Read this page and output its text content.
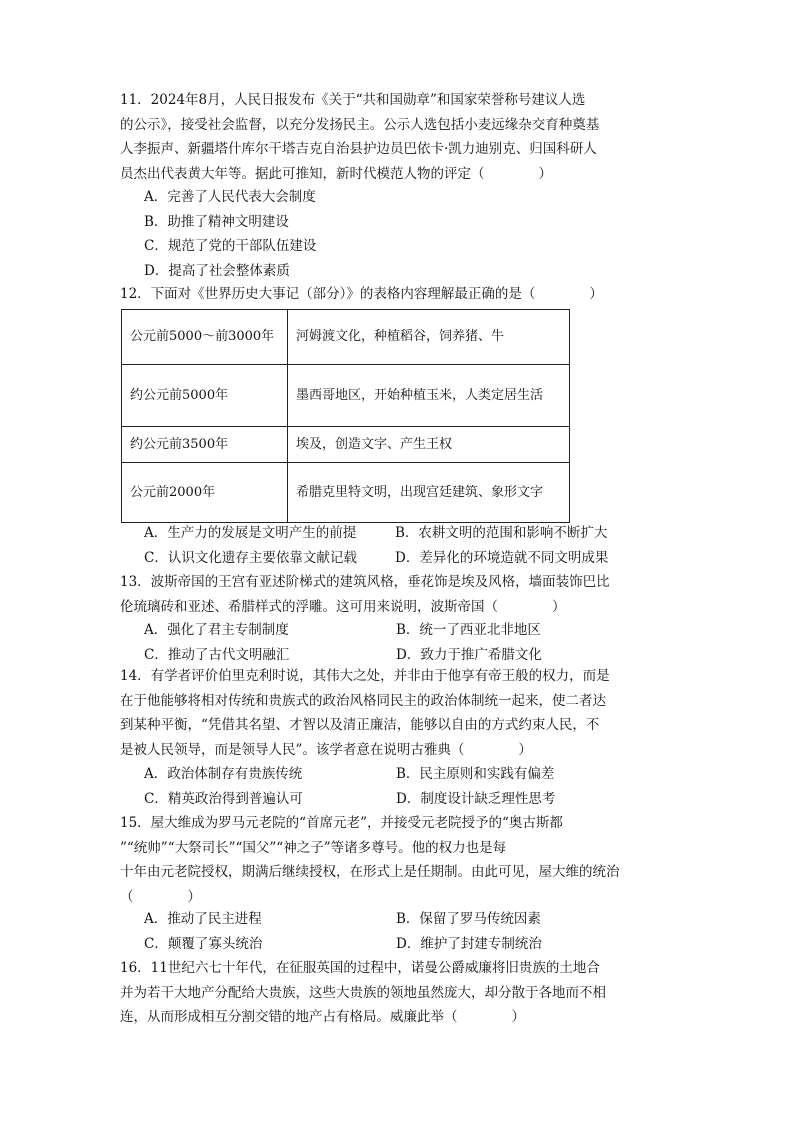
11．2024年8月，人民日报发布《关于“共和国勋章”和国家荣誉称号建议人选
的公示》，接受社会监督，以充分发扬民主。公示人选包括小麦远缘杂交育种奠基
人李振声、新疆塔什库尔干塔吉克自治县护边员巴依卡·凯力迪别克、归国科研人
员杰出代表黄大年等。据此可推知，新时代模范人物的评定（　　　　）
A．完善了人民代表大会制度
B．助推了精神文明建设
C．规范了党的干部队伍建设
D．提高了社会整体素质
12．下面对《世界历史大事记（部分）》的表格内容理解最正确的是（　　　　）
公元前5000～前3000年	河姆渡文化，种植稻谷，饲养猪、牛
约公元前5000年	墨西哥地区，开始种植玉米，人类定居生活
约公元前3500年	埃及，创造文字、产生王权
公元前2000年	希腊克里特文明，出现宫廷建筑、象形文字
A．生产力的发展是文明产生的前提	B．农耕文明的范围和影响不断扩大
C．认识文化遗存主要依靠文献记载	D．差异化的环境造就不同文明成果
13．波斯帝国的王宫有亚述阶梯式的建筑风格，垂花饰是埃及风格，墙面装饰巴比
伦琉璃砖和亚述、希腊样式的浮雕。这可用来说明，波斯帝国（　　　　）
A．强化了君主专制制度	B．统一了西亚北非地区
C．推动了古代文明融汇	D．致力于推广希腊文化
14．有学者评价伯里克利时说，其伟大之处，并非由于他享有帝王般的权力，而是
在于他能够将相对传统和贵族式的政治风格同民主的政治体制统一起来，使二者达
到某种平衡，“凭借其名望、才智以及清正廉洁，能够以自由的方式约束人民，不
是被人民领导，而是领导人民”。该学者意在说明古雅典（　　　　）
A．政治体制存有贵族传统	B．民主原则和实践有偏差
C．精英政治得到普遍认可	D．制度设计缺乏理性思考
15．屋大维成为罗马元老院的“首席元老”，并接受元老院授予的“奥古斯都
”“统帅”“大祭司长”“国父”“神之子”等诸多尊号。他的权力也是每
十年由元老院授权，期满后继续授权，在形式上是任期制。由此可见，屋大维的统治
（　　　　）
A．推动了民主进程	B．保留了罗马传统因素
C．颠覆了寡头统治	D．维护了封建专制统治
16．11世纪六七十年代，在征服英国的过程中，诺曼公爵威廉将旧贵族的土地合
并为若干大地产分配给大贵族，这些大贵族的领地虽然庞大，却分散于各地而不相
连，从而形成相互分割交错的地产占有格局。威廉此举（　　　　）
